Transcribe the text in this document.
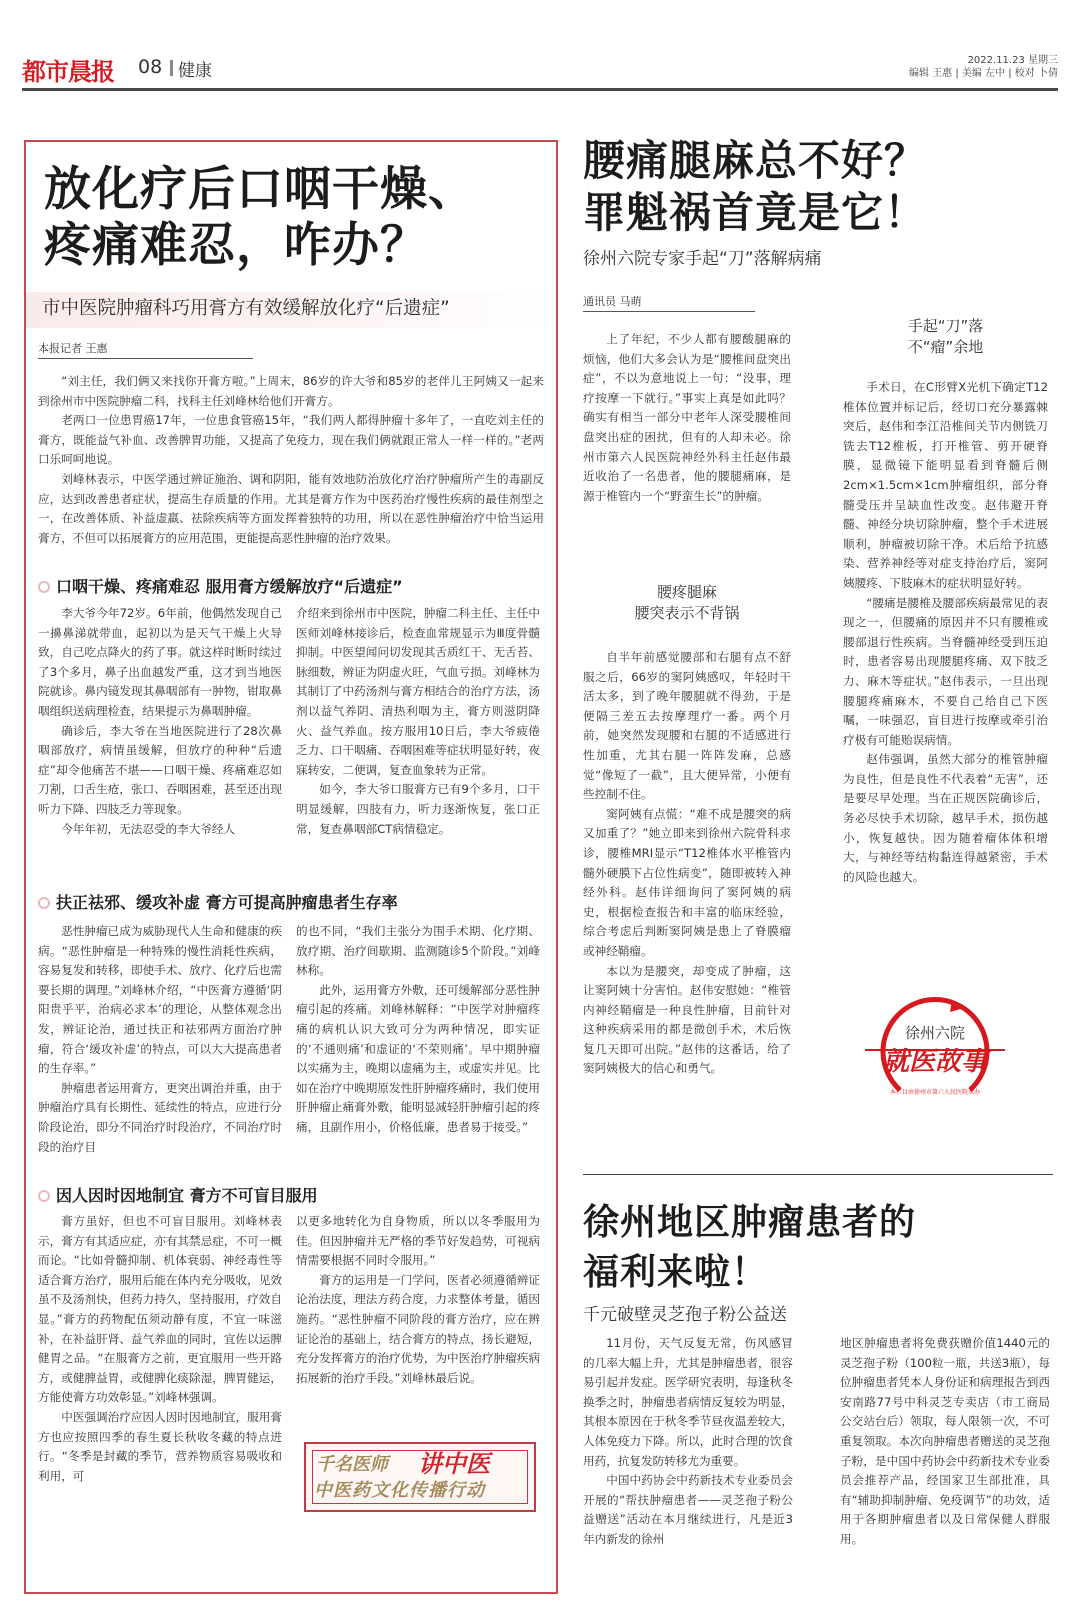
都市晨报 08 健康
2022.11.23 星期三
编辑 王惠 | 美编 左中 | 校对 卜倩
放化疗后口咽干燥、
疼痛难忍，咋办？
市中医院肿瘤科巧用膏方有效缓解放化疗“后遗症”
本报记者 王惠

“刘主任，我们俩又来找你开膏方啦。”上周末，86岁的许大爷和85岁的老伴儿王阿姨又一起来到徐州市中医院肿瘤二科，找科主任刘峰林给他们开膏方。

老两口一位患胃癌17年，一位患食管癌15年，“我们两人都得肿瘤十多年了，一直吃刘主任的膏方，既能益气补血、改善脾胃功能，又提高了免疫力，现在我们俩就跟正常人一样一样的。”老两口乐呵呵地说。

刘峰林表示，中医学通过辨证施治、调和阴阳，能有效地防治放化疗治疗肿瘤所产生的毒副反应，达到改善患者症状，提高生存质量的作用。尤其是膏方作为中医药治疗慢性疾病的最佳剂型之一，在改善体质、补益虚羸、祛除疾病等方面发挥着独特的功用，所以在恶性肿瘤治疗中恰当运用膏方，不但可以拓展膏方的应用范围，更能提高恶性肿瘤的治疗效果。

口咽干燥、疼痛难忍 服用膏方缓解放疗“后遗症”

李大爷今年72岁。6年前，他偶然发现自己一擤鼻涕就带血，起初以为是天气干燥上火导致，自己吃点降火的药了事。就这样时断时续过了3个多月，鼻子出血越发严重，这才到当地医院就诊。鼻内镜发现其鼻咽部有一肿物，钳取鼻咽组织送病理检查，结果提示为鼻咽肿瘤。

确诊后，李大爷在当地医院进行了28次鼻咽部放疗，病情虽缓解，但放疗的种种“后遗症”却令他痛苦不堪——口咽干燥、疼痛难忍如刀割，口舌生疮，张口、吞咽困难，甚至还出现听力下降、四肢乏力等现象。

今年年初，无法忍受的李大爷经人

介绍来到徐州市中医院，肿瘤二科主任、主任中医师刘峰林接诊后，检查血常规显示为Ⅲ度骨髓抑制。中医望闻问切发现其舌质红干、无舌苔、脉细数，辨证为阴虚火旺，气血亏损。刘峰林为其制订了中药汤剂与膏方相结合的治疗方法，汤剂以益气养阴、清热利咽为主，膏方则滋阴降火、益气养血。按方服用10日后，李大爷疲倦乏力、口干咽痛、吞咽困难等症状明显好转，夜寐转安，二便调，复查血象转为正常。

如今，李大爷口服膏方已有9个多月，口干明显缓解，四肢有力，听力逐渐恢复，张口正常，复查鼻咽部CT病情稳定。

扶正祛邪、缓攻补虚 膏方可提高肿瘤患者生存率

恶性肿瘤已成为威胁现代人生命和健康的疾病。“恶性肿瘤是一种特殊的慢性消耗性疾病，容易复发和转移，即使手术、放疗、化疗后也需要长期的调理。”刘峰林介绍，“中医膏方遵循‘阴阳贵乎平，治病必求本’的理论，从整体观念出发，辨证论治，通过扶正和祛邪两方面治疗肿瘤，符合‘缓攻补虚’的特点，可以大大提高患者的生存率。”

肿瘤患者运用膏方，更突出调治并重，由于肿瘤治疗具有长期性、延续性的特点，应进行分阶段论治，即分不同治疗时段治疗，不同治疗时段的治疗目

的也不同，“我们主张分为围手术期、化疗期、放疗期、治疗间歇期、监测随诊5个阶段。”刘峰林称。

此外，运用膏方外敷，还可缓解部分恶性肿瘤引起的疼痛。刘峰林解释：“中医学对肿瘤疼痛的病机认识大致可分为两种情况，即实证的‘不通则痛’和虚证的‘不荣则痛’。早中期肿瘤以实痛为主，晚期以虚痛为主，或虚实并见。比如在治疗中晚期原发性肝肿瘤疼痛时，我们使用肝肿瘤止痛膏外敷，能明显减轻肝肿瘤引起的疼痛，且副作用小，价格低廉，患者易于接受。”

因人因时因地制宜 膏方不可盲目服用

膏方虽好，但也不可盲目服用。刘峰林表示，膏方有其适应症，亦有其禁忌症，不可一概而论。“比如骨髓抑制、机体衰弱、神经毒性等适合膏方治疗，服用后能在体内充分吸收，见效虽不及汤剂快，但药力持久，坚持服用，疗效自显。”膏方的药物配伍须动静有度，不宜一味滋补，在补益肝肾、益气养血的同时，宜佐以运脾健胃之品。“在服膏方之前，更宜服用一些开路方，或健脾益胃，或健脾化痰除湿，脾胃健运，方能使膏方功效彰显。”刘峰林强调。

中医强调治疗应因人因时因地制宜，服用膏方也应按照四季的春生夏长秋收冬藏的特点进行。“冬季是封藏的季节，营养物质容易吸收和利用，可

以更多地转化为自身物质，所以以冬季服用为佳。但因肿瘤并无严格的季节好发趋势，可视病情需要根据不同时令服用。”

膏方的运用是一门学问，医者必须遵循辨证论治法度，理法方药合度，力求整体考量，循因施药。“恶性肿瘤不同阶段的膏方治疗，应在辨证论治的基础上，结合膏方的特点，扬长避短，充分发挥膏方的治疗优势，为中医治疗肿瘤疾病拓展新的治疗手段。”刘峰林最后说。

千名医师 讲中医
中医药文化传播行动
腰痛腿麻总不好？
罪魁祸首竟是它！
徐州六院专家手起“刀”落解病痛
通讯员 马萌

上了年纪，不少人都有腰酸腿麻的烦恼，他们大多会认为是“腰椎间盘突出症”，不以为意地说上一句：“没事，理疗按摩一下就行。”事实上真是如此吗？确实有相当一部分中老年人深受腰椎间盘突出症的困扰，但有的人却未必。徐州市第六人民医院神经外科主任赵伟最近收治了一名患者，他的腰腿痛麻，是源于椎管内一个“野蛮生长”的肿瘤。

腰疼腿麻
腰突表示不背锅

自半年前感觉腰部和右腿有点不舒服之后，66岁的窦阿姨感叹，年轻时干活太多，到了晚年腰腿就不得劲，于是便隔三差五去按摩理疗一番。两个月前，她突然发现腰和右腿的不适感进行性加重，尤其右腿一阵阵发麻，总感觉“像短了一截”，且大便异常，小便有些控制不住。

窦阿姨有点慌：“难不成是腰突的病又加重了？”她立即来到徐州六院骨科求诊，腰椎MRI显示“T12椎体水平椎管内髓外硬膜下占位性病变”，随即被转入神经外科。赵伟详细询问了窦阿姨的病史，根据检查报告和丰富的临床经验，综合考虑后判断窦阿姨是患上了脊膜瘤或神经鞘瘤。

本以为是腰突，却变成了肿瘤，这让窦阿姨十分害怕。赵伟安慰她：“椎管内神经鞘瘤是一种良性肿瘤，目前针对这种疾病采用的都是微创手术，术后恢复几天即可出院。”赵伟的这番话，给了窦阿姨极大的信心和勇气。

手起“刀”落
不“瘤”余地

手术日，在C形臂X光机下确定T12椎体位置并标记后，经切口充分暴露棘突后，赵伟和李江沿椎间关节内侧铣刀铣去T12椎板，打开椎管、剪开硬脊膜，显微镜下能明显看到脊髓后侧2cm×1.5cm×1cm肿瘤组织，部分脊髓受压并呈缺血性改变。赵伟避开脊髓、神经分块切除肿瘤，整个手术进展顺利，肿瘤被切除干净。术后给予抗感染、营养神经等对症支持治疗后，窦阿姨腰疼、下肢麻木的症状明显好转。

“腰痛是腰椎及腰部疾病最常见的表现之一，但腰痛的原因并不只有腰椎或腰部退行性疾病。当脊髓神经受到压迫时，患者容易出现腰腿疼痛、双下肢乏力、麻木等症状。”赵伟表示，一旦出现腰腿疼痛麻木，不要自己给自己下医嘱，一味强忍，盲目进行按摩或牵引治疗极有可能贻误病情。

赵伟强调，虽然大部分的椎管肿瘤为良性，但是良性不代表着“无害”，还是要尽早处理。当在正规医院确诊后，务必尽快手术切除，越早手术，损伤越小，恢复越快。因为随着瘤体体积增大，与神经等结构黏连得越紧密，手术的风险也越大。

徐州六院
就医故事
本栏目由徐州市第六人民医院承办
徐州地区肿瘤患者的
福利来啦！
千元破壁灵芝孢子粉公益送

11月份，天气反复无常，伤风感冒的几率大幅上升，尤其是肿瘤患者，很容易引起并发症。医学研究表明，每逢秋冬换季之时，肿瘤患者病情反复较为明显，其根本原因在于秋冬季节昼夜温差较大，人体免疫力下降。所以，此时合理的饮食用药，抗复发防转移尤为重要。

中国中药协会中药新技术专业委员会开展的“帮扶肿瘤患者——灵芝孢子粉公益赠送”活动在本月继续进行，凡是近3年内新发的徐州

地区肿瘤患者将免费获赠价值1440元的灵芝孢子粉（100粒一瓶，共送3瓶），每位肿瘤患者凭本人身份证和病理报告到西安南路77号中科灵芝专卖店（市工商局公交站台后）领取，每人限领一次，不可重复领取。本次向肿瘤患者赠送的灵芝孢子粉，是中国中药协会中药新技术专业委员会推荐产品，经国家卫生部批准，具有“辅助抑制肿瘤、免疫调节”的功效，适用于各期肿瘤患者以及日常保健人群服用。
